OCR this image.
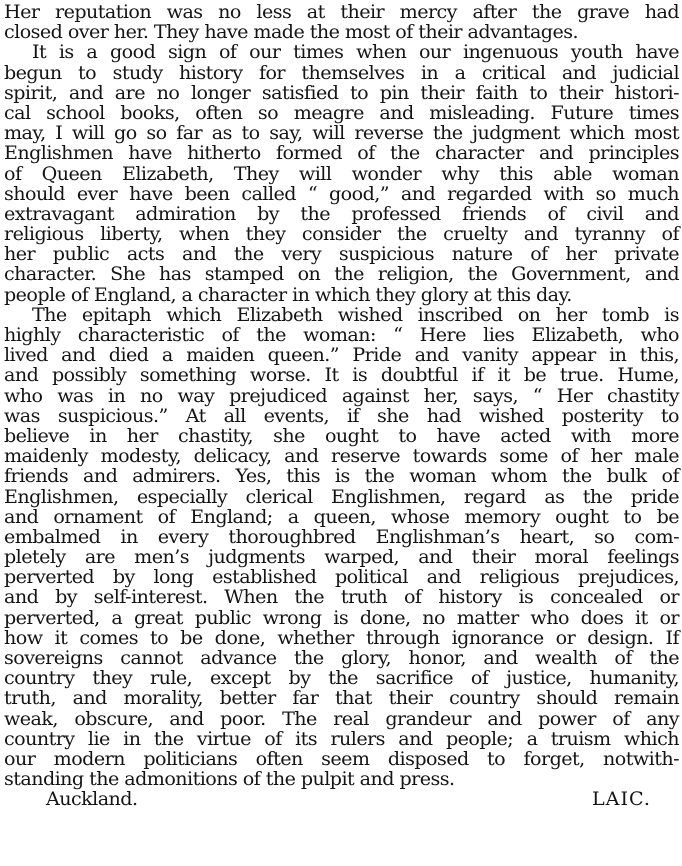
Her reputation was no less at their mercy after the grave had
closed over her. They have made the most of their advantages.
It is a good sign of our times when our ingenuous youth have
begun to study history for themselves in a critical and judicial
spirit, and are no longer satisfied to pin their faith to their histori-
cal school books, often so meagre and misleading. Future times
may, I will go so far as to say, will reverse the judgment which most
Englishmen have hitherto formed of the character and principles
of Queen Elizabeth, They will wonder why this able woman
should ever have been called “ good,” and regarded with so much
extravagant admiration by the professed friends of civil and
religious liberty, when they consider the cruelty and tyranny of
her public acts and the very suspicious nature of her private
character. She has stamped on the religion, the Government, and
people of England, a character in which they glory at this day.
The epitaph which Elizabeth wished inscribed on her tomb is
highly characteristic of the woman: “ Here lies Elizabeth, who
lived and died a maiden queen.” Pride and vanity appear in this,
and possibly something worse. It is doubtful if it be true. Hume,
who was in no way prejudiced against her, says, “ Her chastity
was suspicious.” At all events, if she had wished posterity to
believe in her chastity, she ought to have acted with more
maidenly modesty, delicacy, and reserve towards some of her male
friends and admirers. Yes, this is the woman whom the bulk of
Englishmen, especially clerical Englishmen, regard as the pride
and ornament of England; a queen, whose memory ought to be
embalmed in every thoroughbred Englishman’s heart, so com-
pletely are men’s judgments warped, and their moral feelings
perverted by long established political and religious prejudices,
and by self-interest. When the truth of history is concealed or
perverted, a great public wrong is done, no matter who does it or
how it comes to be done, whether through ignorance or design. If
sovereigns cannot advance the glory, honor, and wealth of the
country they rule, except by the sacrifice of justice, humanity,
truth, and morality, better far that their country should remain
weak, obscure, and poor. The real grandeur and power of any
country lie in the virtue of its rulers and people; a truism which
our modern politicians often seem disposed to forget, notwith-
standing the admonitions of the pulpit and press.
Auckland.	LAIC.
